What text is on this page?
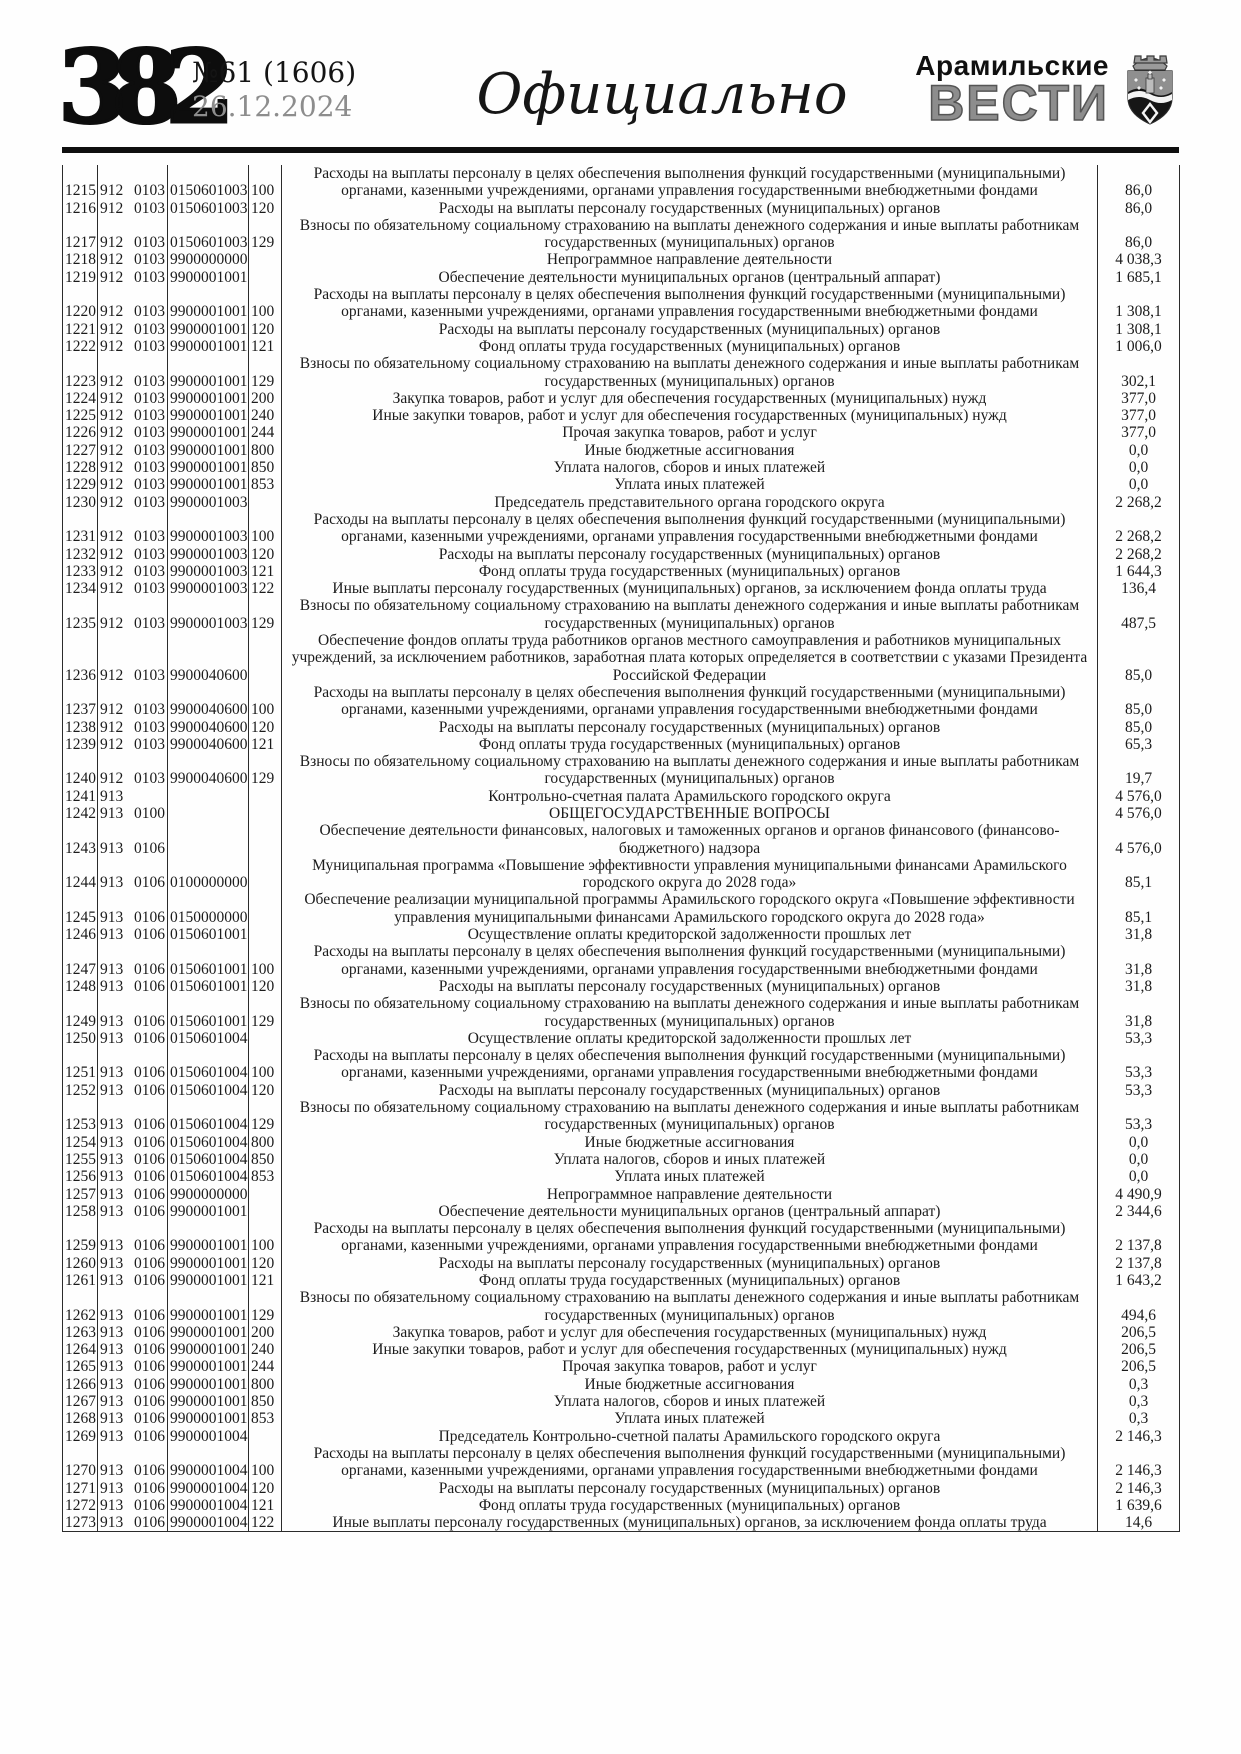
382
№61 (1606)
26.12.2024 Официально	Арамильские
ВЕСТИ
1215	912 0103	0150601003	100	Расходы на выплаты персоналу в целях обеспечения выполнения функций государственными (муниципальными) органами, казенными учреждениями, органами управления государственными внебюджетными фондами	86,0
1216	912 0103	0150601003	120	Расходы на выплаты персоналу государственных (муниципальных) органов	86,0
1217	912 0103	0150601003	129	Взносы по обязательному социальному страхованию на выплаты денежного содержания и иные выплаты работникам государственных (муниципальных) органов	86,0
1218	912 0103	9900000000		Непрограммное направление деятельности	4 038,3
1219	912 0103	9900001001		Обеспечение деятельности муниципальных органов (центральный аппарат)	1 685,1
1220	912 0103	9900001001	100	Расходы на выплаты персоналу в целях обеспечения выполнения функций государственными (муниципальными) органами, казенными учреждениями, органами управления государственными внебюджетными фондами	1 308,1
1221	912 0103	9900001001	120	Расходы на выплаты персоналу государственных (муниципальных) органов	1 308,1
1222	912 0103	9900001001	121	Фонд оплаты труда государственных (муниципальных) органов	1 006,0
1223	912 0103	9900001001	129	Взносы по обязательному социальному страхованию на выплаты денежного содержания и иные выплаты работникам государственных (муниципальных) органов	302,1
1224	912 0103	9900001001	200	Закупка товаров, работ и услуг для обеспечения государственных (муниципальных) нужд	377,0
1225	912 0103	9900001001	240	Иные закупки товаров, работ и услуг для обеспечения государственных (муниципальных) нужд	377,0
1226	912 0103	9900001001	244	Прочая закупка товаров, работ и услуг	377,0
1227	912 0103	9900001001	800	Иные бюджетные ассигнования	0,0
1228	912 0103	9900001001	850	Уплата налогов, сборов и иных платежей	0,0
1229	912 0103	9900001001	853	Уплата иных платежей	0,0
1230	912 0103	9900001003		Председатель представительного органа городского округа	2 268,2
1231	912 0103	9900001003	100	Расходы на выплаты персоналу в целях обеспечения выполнения функций государственными (муниципальными) органами, казенными учреждениями, органами управления государственными внебюджетными фондами	2 268,2
1232	912 0103	9900001003	120	Расходы на выплаты персоналу государственных (муниципальных) органов	2 268,2
1233	912 0103	9900001003	121	Фонд оплаты труда государственных (муниципальных) органов	1 644,3
1234	912 0103	9900001003	122	Иные выплаты персоналу государственных (муниципальных) органов, за исключением фонда оплаты труда	136,4
1235	912 0103	9900001003	129	Взносы по обязательному социальному страхованию на выплаты денежного содержания и иные выплаты работникам государственных (муниципальных) органов	487,5
1236	912 0103	9900040600		Обеспечение фондов оплаты труда работников органов местного самоуправления и работников муниципальных учреждений, за исключением работников, заработная плата которых определяется в соответствии с указами Президента Российской Федерации	85,0
1237	912 0103	9900040600	100	Расходы на выплаты персоналу в целях обеспечения выполнения функций государственными (муниципальными) органами, казенными учреждениями, органами управления государственными внебюджетными фондами	85,0
1238	912 0103	9900040600	120	Расходы на выплаты персоналу государственных (муниципальных) органов	85,0
1239	912 0103	9900040600	121	Фонд оплаты труда государственных (муниципальных) органов	65,3
1240	912 0103	9900040600	129	Взносы по обязательному социальному страхованию на выплаты денежного содержания и иные выплаты работникам государственных (муниципальных) органов	19,7
1241	913			Контрольно-счетная палата Арамильского городского округа	4 576,0
1242	913 0100			ОБЩЕГОСУДАРСТВЕННЫЕ ВОПРОСЫ	4 576,0
1243	913 0106			Обеспечение деятельности финансовых, налоговых и таможенных органов и органов финансового (финансово-бюджетного) надзора	4 576,0
1244	913 0106	0100000000		Муниципальная программа «Повышение эффективности управления муниципальными финансами Арамильского городского округа до 2028 года»	85,1
1245	913 0106	0150000000		Обеспечение реализации муниципальной программы Арамильского городского округа «Повышение эффективности управления муниципальными финансами Арамильского городского округа до 2028 года»	85,1
1246	913 0106	0150601001		Осуществление оплаты кредиторской задолженности прошлых лет	31,8
1247	913 0106	0150601001	100	Расходы на выплаты персоналу в целях обеспечения выполнения функций государственными (муниципальными) органами, казенными учреждениями, органами управления государственными внебюджетными фондами	31,8
1248	913 0106	0150601001	120	Расходы на выплаты персоналу государственных (муниципальных) органов	31,8
1249	913 0106	0150601001	129	Взносы по обязательному социальному страхованию на выплаты денежного содержания и иные выплаты работникам государственных (муниципальных) органов	31,8
1250	913 0106	0150601004		Осуществление оплаты кредиторской задолженности прошлых лет	53,3
1251	913 0106	0150601004	100	Расходы на выплаты персоналу в целях обеспечения выполнения функций государственными (муниципальными) органами, казенными учреждениями, органами управления государственными внебюджетными фондами	53,3
1252	913 0106	0150601004	120	Расходы на выплаты персоналу государственных (муниципальных) органов	53,3
1253	913 0106	0150601004	129	Взносы по обязательному социальному страхованию на выплаты денежного содержания и иные выплаты работникам государственных (муниципальных) органов	53,3
1254	913 0106	0150601004	800	Иные бюджетные ассигнования	0,0
1255	913 0106	0150601004	850	Уплата налогов, сборов и иных платежей	0,0
1256	913 0106	0150601004	853	Уплата иных платежей	0,0
1257	913 0106	9900000000		Непрограммное направление деятельности	4 490,9
1258	913 0106	9900001001		Обеспечение деятельности муниципальных органов (центральный аппарат)	2 344,6
1259	913 0106	9900001001	100	Расходы на выплаты персоналу в целях обеспечения выполнения функций государственными (муниципальными) органами, казенными учреждениями, органами управления государственными внебюджетными фондами	2 137,8
1260	913 0106	9900001001	120	Расходы на выплаты персоналу государственных (муниципальных) органов	2 137,8
1261	913 0106	9900001001	121	Фонд оплаты труда государственных (муниципальных) органов	1 643,2
1262	913 0106	9900001001	129	Взносы по обязательному социальному страхованию на выплаты денежного содержания и иные выплаты работникам государственных (муниципальных) органов	494,6
1263	913 0106	9900001001	200	Закупка товаров, работ и услуг для обеспечения государственных (муниципальных) нужд	206,5
1264	913 0106	9900001001	240	Иные закупки товаров, работ и услуг для обеспечения государственных (муниципальных) нужд	206,5
1265	913 0106	9900001001	244	Прочая закупка товаров, работ и услуг	206,5
1266	913 0106	9900001001	800	Иные бюджетные ассигнования	0,3
1267	913 0106	9900001001	850	Уплата налогов, сборов и иных платежей	0,3
1268	913 0106	9900001001	853	Уплата иных платежей	0,3
1269	913 0106	9900001004		Председатель Контрольно-счетной палаты Арамильского городского округа	2 146,3
1270	913 0106	9900001004	100	Расходы на выплаты персоналу в целях обеспечения выполнения функций государственными (муниципальными) органами, казенными учреждениями, органами управления государственными внебюджетными фондами	2 146,3
1271	913 0106	9900001004	120	Расходы на выплаты персоналу государственных (муниципальных) органов	2 146,3
1272	913 0106	9900001004	121	Фонд оплаты труда государственных (муниципальных) органов	1 639,6
1273	913 0106	9900001004	122	Иные выплаты персоналу государственных (муниципальных) органов, за исключением фонда оплаты труда	14,6
